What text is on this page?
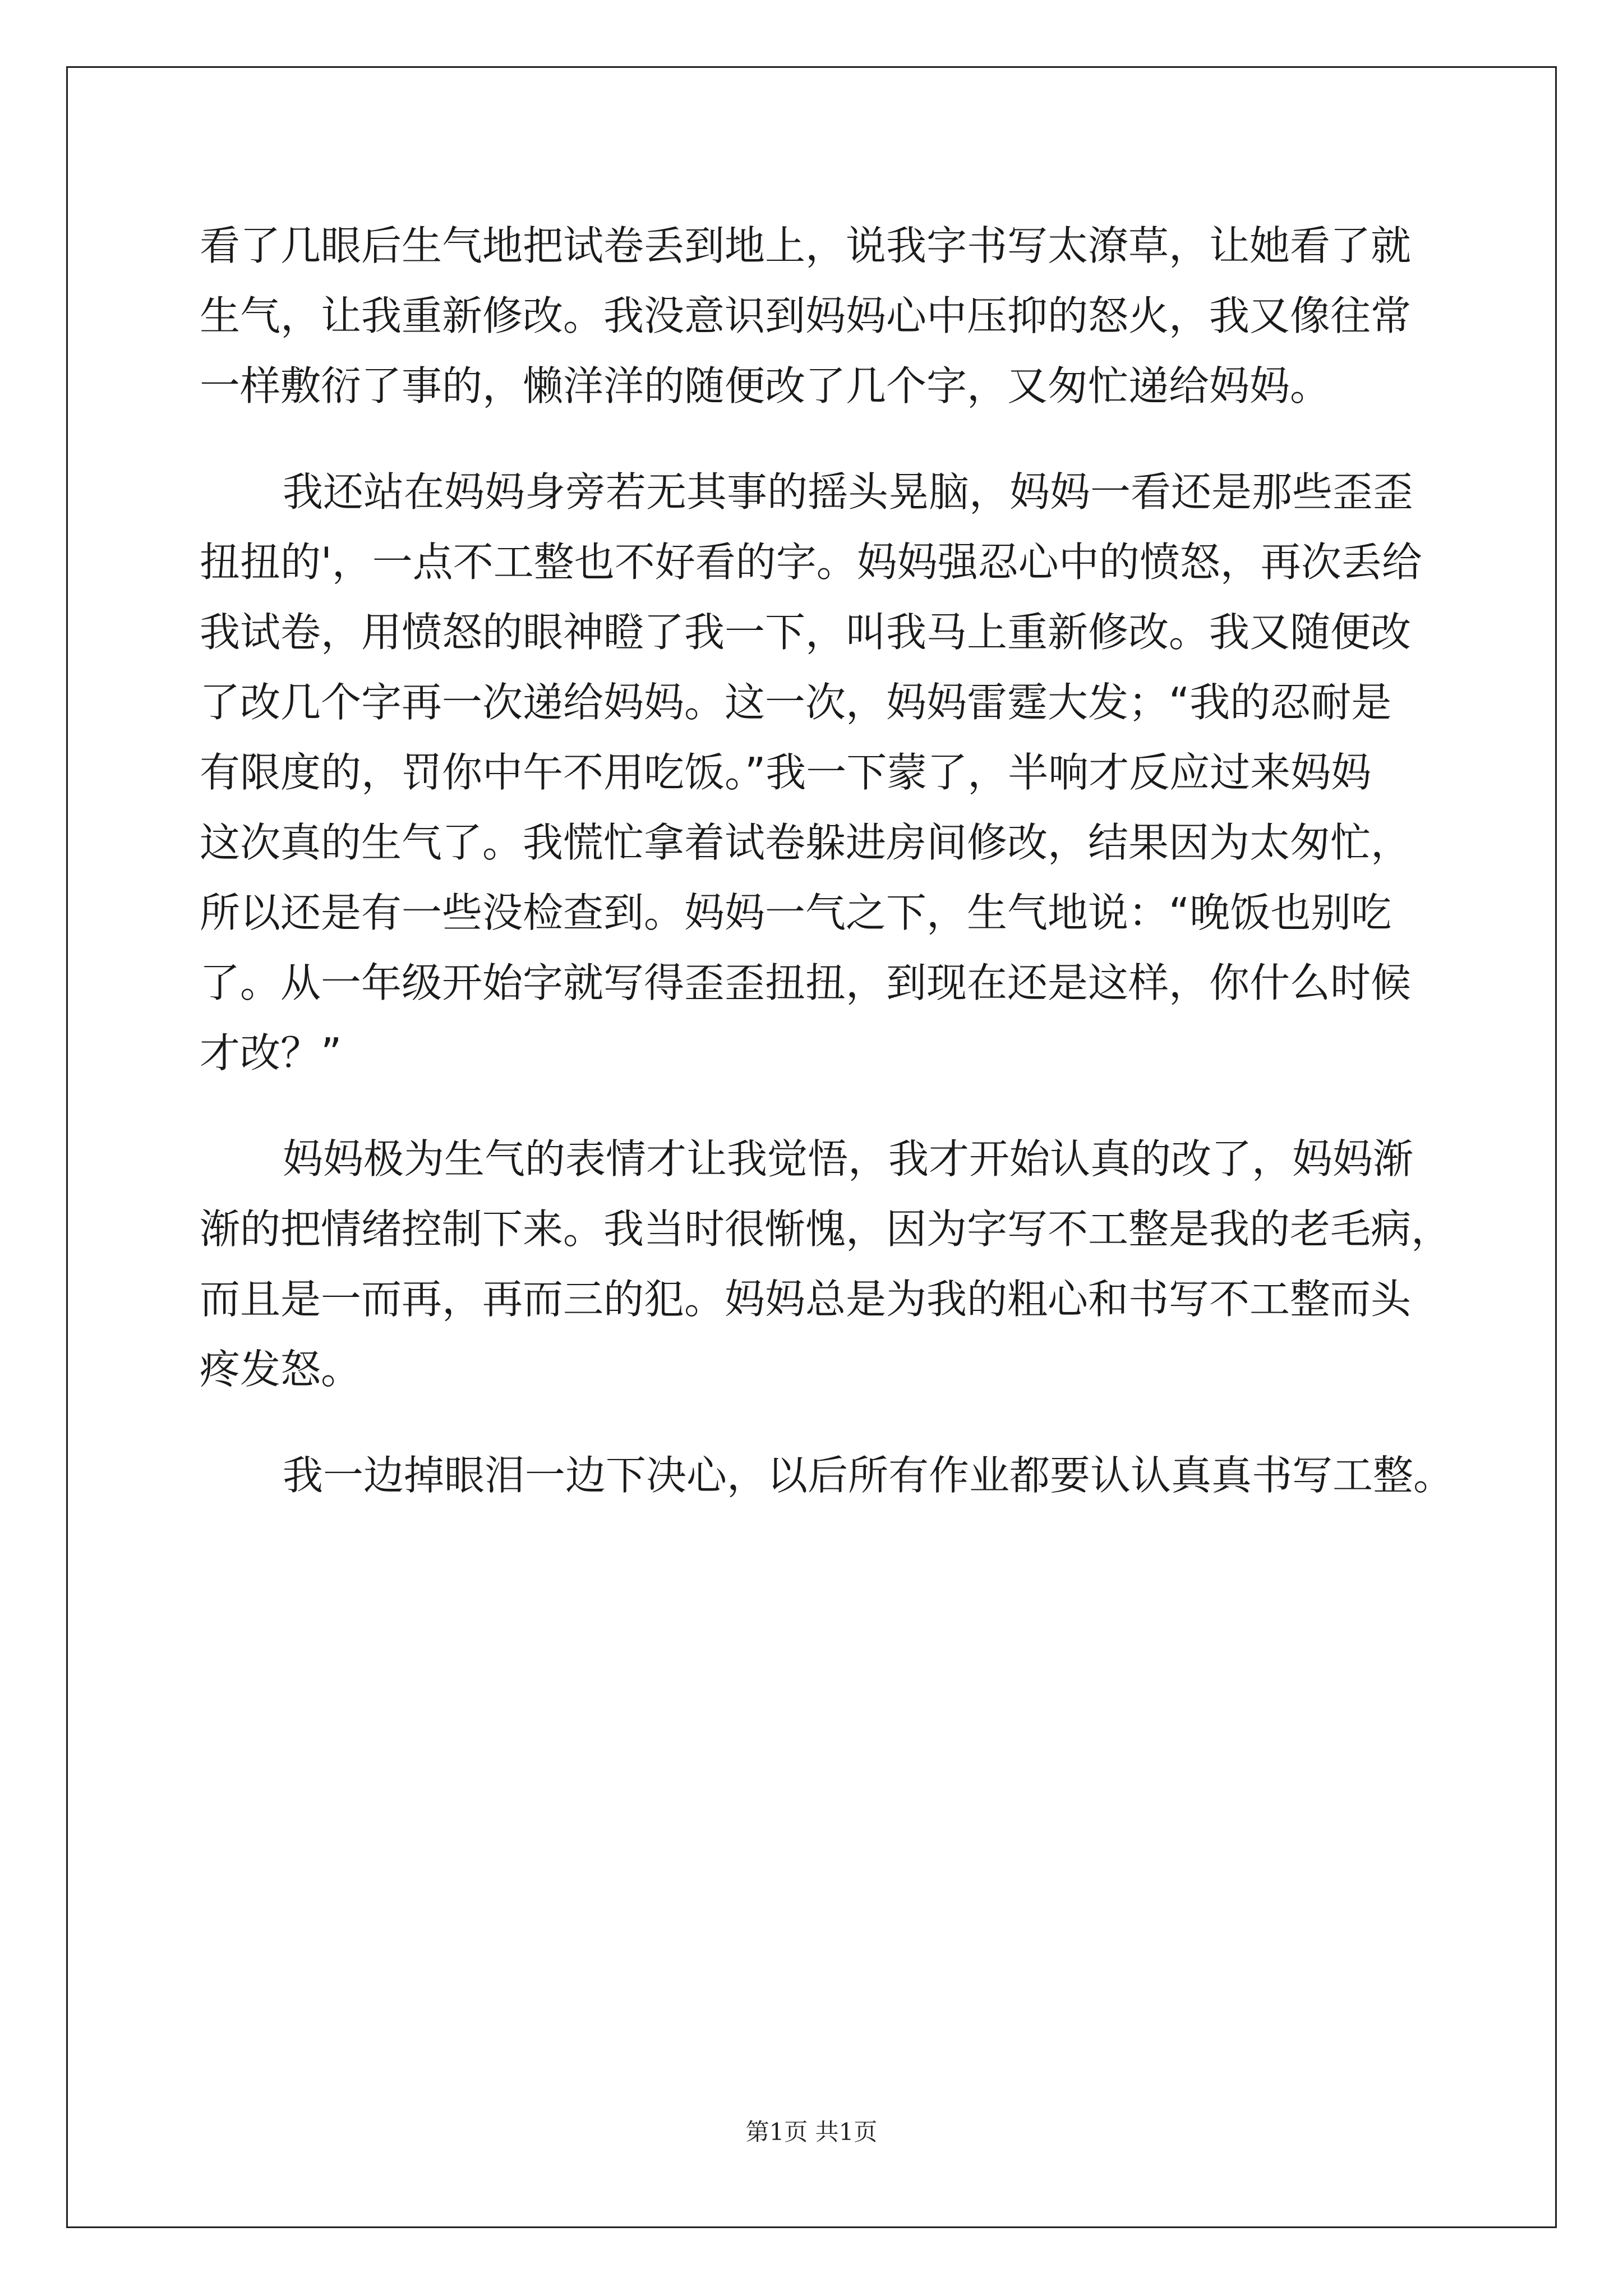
看了几眼后生气地把试卷丢到地上，说我字书写太潦草，让她看了就
生气，让我重新修改。我没意识到妈妈心中压抑的怒火，我又像往常
一样敷衍了事的，懒洋洋的随便改了几个字，又匆忙递给妈妈。
我还站在妈妈身旁若无其事的摇头晃脑，妈妈一看还是那些歪歪
扭扭的'，一点不工整也不好看的字。妈妈强忍心中的愤怒，再次丢给
我试卷，用愤怒的眼神瞪了我一下，叫我马上重新修改。我又随便改
了改几个字再一次递给妈妈。这一次，妈妈雷霆大发；“我的忍耐是
有限度的，罚你中午不用吃饭。”我一下蒙了，半响才反应过来妈妈
这次真的生气了。我慌忙拿着试卷躲进房间修改，结果因为太匆忙，
所以还是有一些没检查到。妈妈一气之下，生气地说：“晚饭也别吃
了。从一年级开始字就写得歪歪扭扭，到现在还是这样，你什么时候
才改？”
妈妈极为生气的表情才让我觉悟，我才开始认真的改了，妈妈渐
渐的把情绪控制下来。我当时很惭愧，因为字写不工整是我的老毛病，
而且是一而再，再而三的犯。妈妈总是为我的粗心和书写不工整而头
疼发怒。
我一边掉眼泪一边下决心，以后所有作业都要认认真真书写工整。
第1页 共1页
